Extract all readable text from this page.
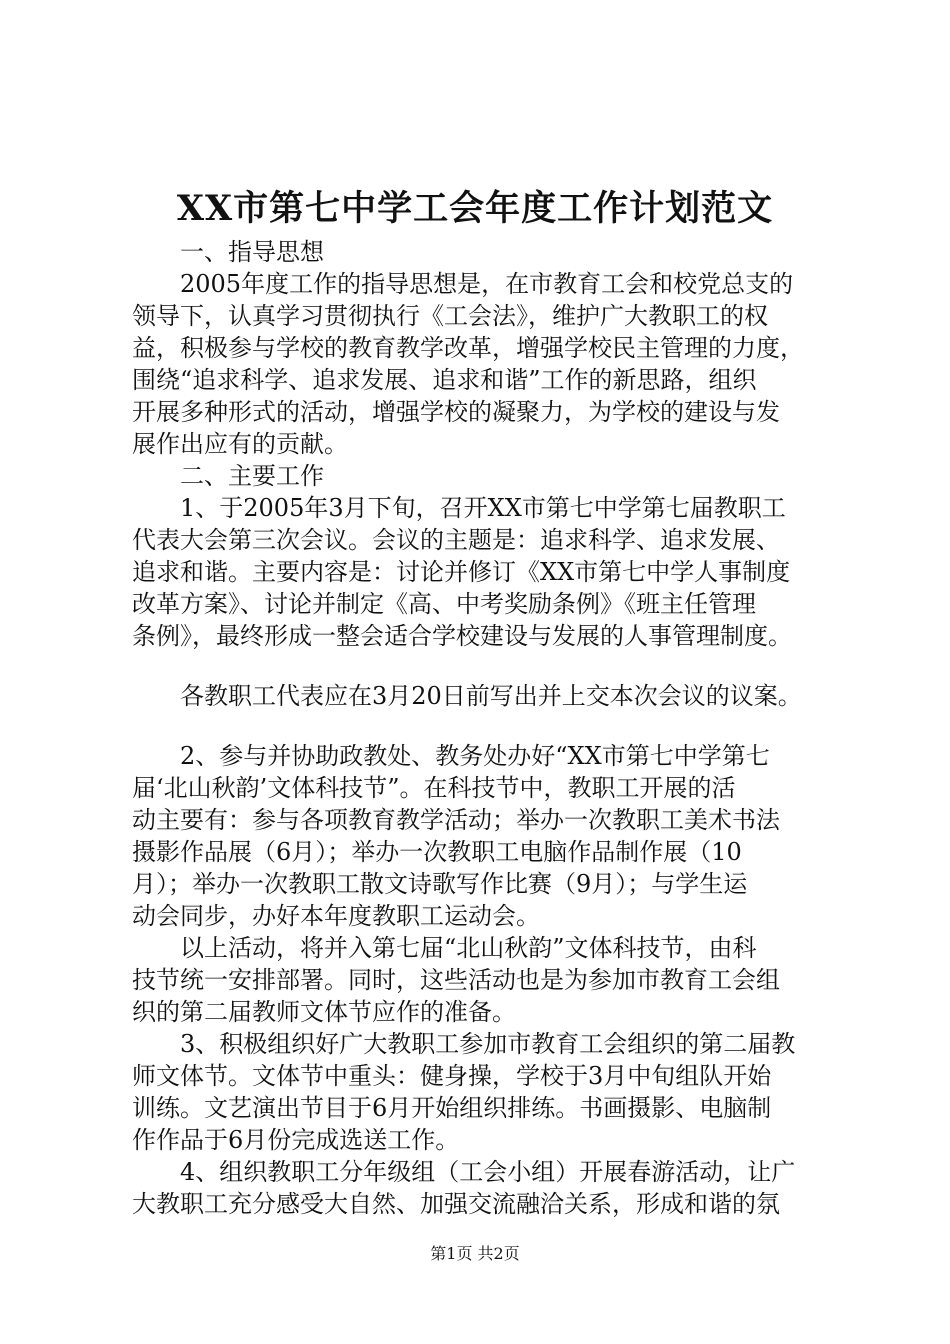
XX市第七中学工会年度工作计划范文
一、指导思想
2005年度工作的指导思想是，在市教育工会和校党总支的
领导下，认真学习贯彻执行《工会法》，维护广大教职工的权
益，积极参与学校的教育教学改革，增强学校民主管理的力度，
围绕“追求科学、追求发展、追求和谐”工作的新思路，组织
开展多种形式的活动，增强学校的凝聚力，为学校的建设与发
展作出应有的贡献。
二、主要工作
1、于2005年3月下旬，召开XX市第七中学第七届教职工
代表大会第三次会议。会议的主题是：追求科学、追求发展、
追求和谐。主要内容是：讨论并修订《XX市第七中学人事制度
改革方案》、讨论并制定《高、中考奖励条例》《班主任管理
条例》，最终形成一整会适合学校建设与发展的人事管理制度。
各教职工代表应在3月20日前写出并上交本次会议的议案。
2、参与并协助政教处、教务处办好“XX市第七中学第七
届‘北山秋韵’文体科技节”。在科技节中，教职工开展的活
动主要有：参与各项教育教学活动；举办一次教职工美术书法
摄影作品展（6月）；举办一次教职工电脑作品制作展（10
月）；举办一次教职工散文诗歌写作比赛（9月）；与学生运
动会同步，办好本年度教职工运动会。
以上活动，将并入第七届“北山秋韵”文体科技节，由科
技节统一安排部署。同时，这些活动也是为参加市教育工会组
织的第二届教师文体节应作的准备。
3、积极组织好广大教职工参加市教育工会组织的第二届教
师文体节。文体节中重头：健身操，学校于3月中旬组队开始
训练。文艺演出节目于6月开始组织排练。书画摄影、电脑制
作作品于6月份完成选送工作。
4、组织教职工分年级组（工会小组）开展春游活动，让广
大教职工充分感受大自然、加强交流融洽关系，形成和谐的氛
第1页 共2页
